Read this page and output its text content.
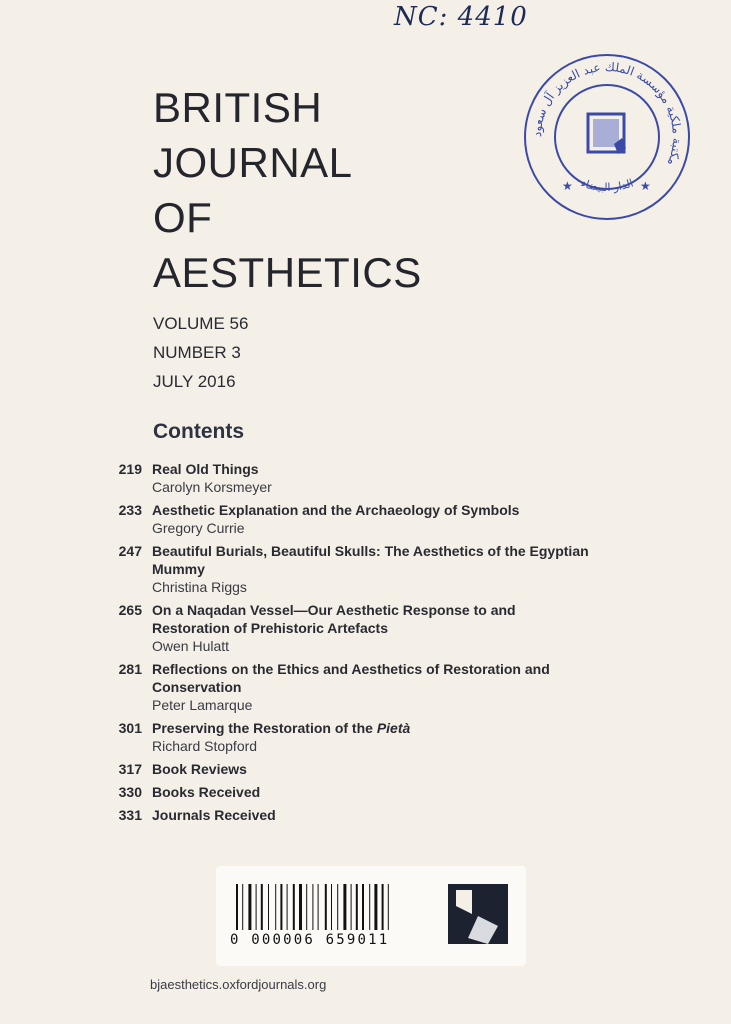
NC: 4410
مكتبة ملكية مؤسسة الملك عبد العزيز آل سعود
الدار البيضاء
★	★
BRITISH
JOURNAL
OF
AESTHETICS
VOLUME 56
NUMBER 3
JULY 2016
Contents
219 Real Old Things
Carolyn Korsmeyer
233 Aesthetic Explanation and the Archaeology of Symbols
Gregory Currie
247 Beautiful Burials, Beautiful Skulls: The Aesthetics of the Egyptian Mummy
Christina Riggs
265 On a Naqadan Vessel—Our Aesthetic Response to and Restoration of Prehistoric Artefacts
Owen Hulatt
281 Reflections on the Ethics and Aesthetics of Restoration and Conservation
Peter Lamarque
301 Preserving the Restoration of the Pietà
Richard Stopford
317 Book Reviews
330 Books Received
331 Journals Received
0 000006 659011
bjaesthetics.oxfordjournals.org
